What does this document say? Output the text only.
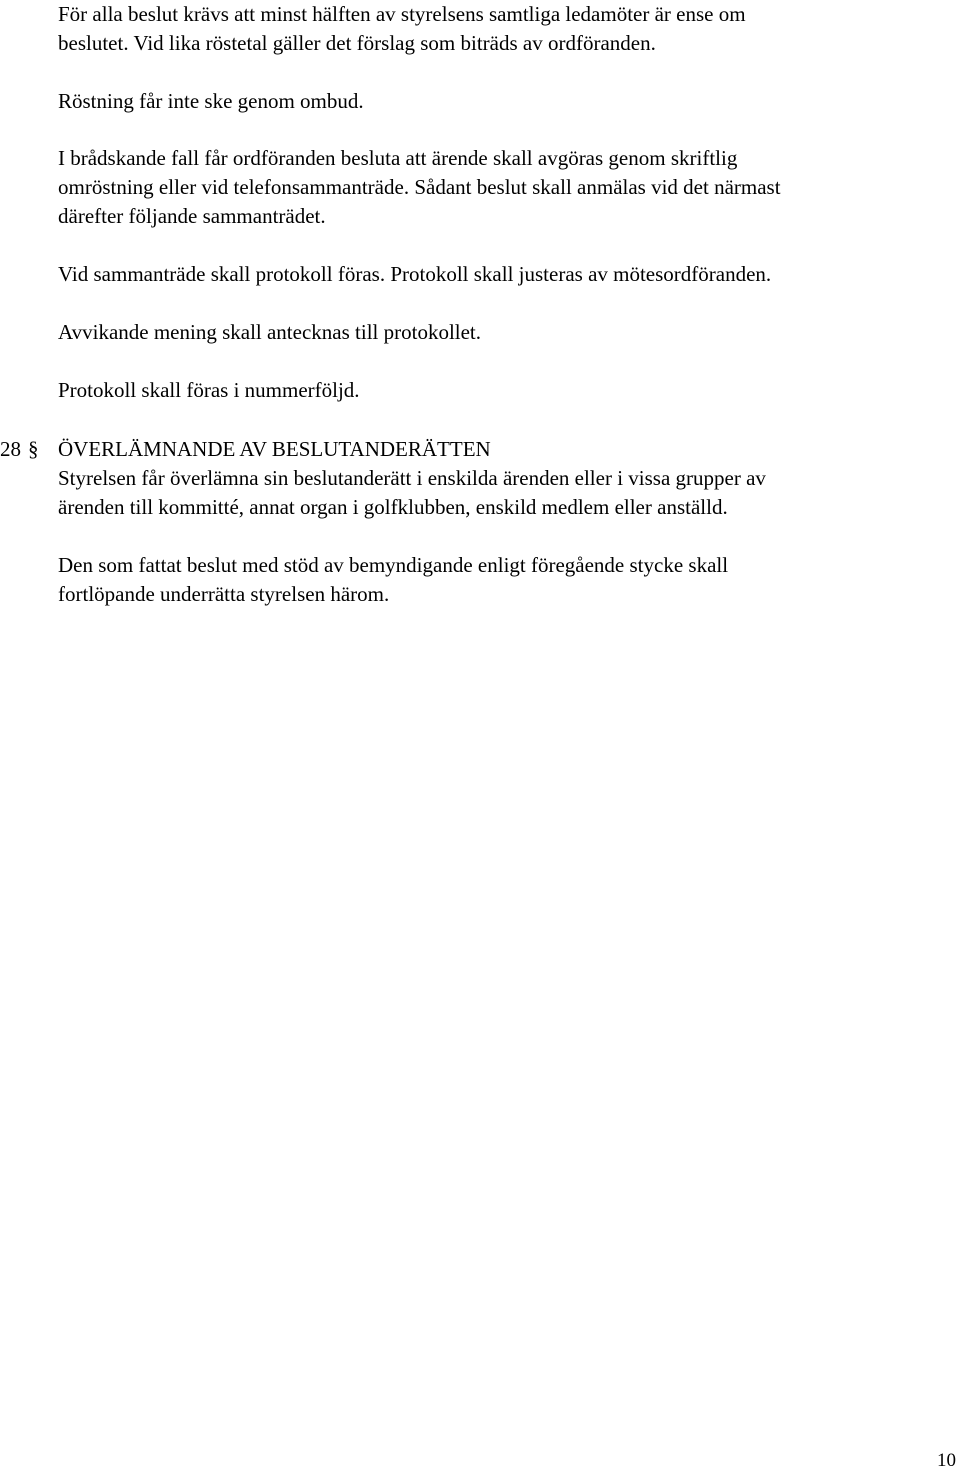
För alla beslut krävs att minst hälften av styrelsens samtliga ledamöter är ense om
beslutet. Vid lika röstetal gäller det förslag som biträds av ordföranden.
Röstning får inte ske genom ombud.
I brådskande fall får ordföranden besluta att ärende skall avgöras genom skriftlig
omröstning eller vid telefonsammanträde. Sådant beslut skall anmälas vid det närmast
därefter följande sammanträdet.
Vid sammanträde skall protokoll föras. Protokoll skall justeras av mötesordföranden.
Avvikande mening skall antecknas till protokollet.
Protokoll skall föras i nummerföljd.
28 § ÖVERLÄMNANDE AV BESLUTANDERÄTTEN
Styrelsen får överlämna sin beslutanderätt i enskilda ärenden eller i vissa grupper av
ärenden till kommitté, annat organ i golfklubben, enskild medlem eller anställd.
Den som fattat beslut med stöd av bemyndigande enligt föregående stycke skall
fortlöpande underrätta styrelsen härom.
10
